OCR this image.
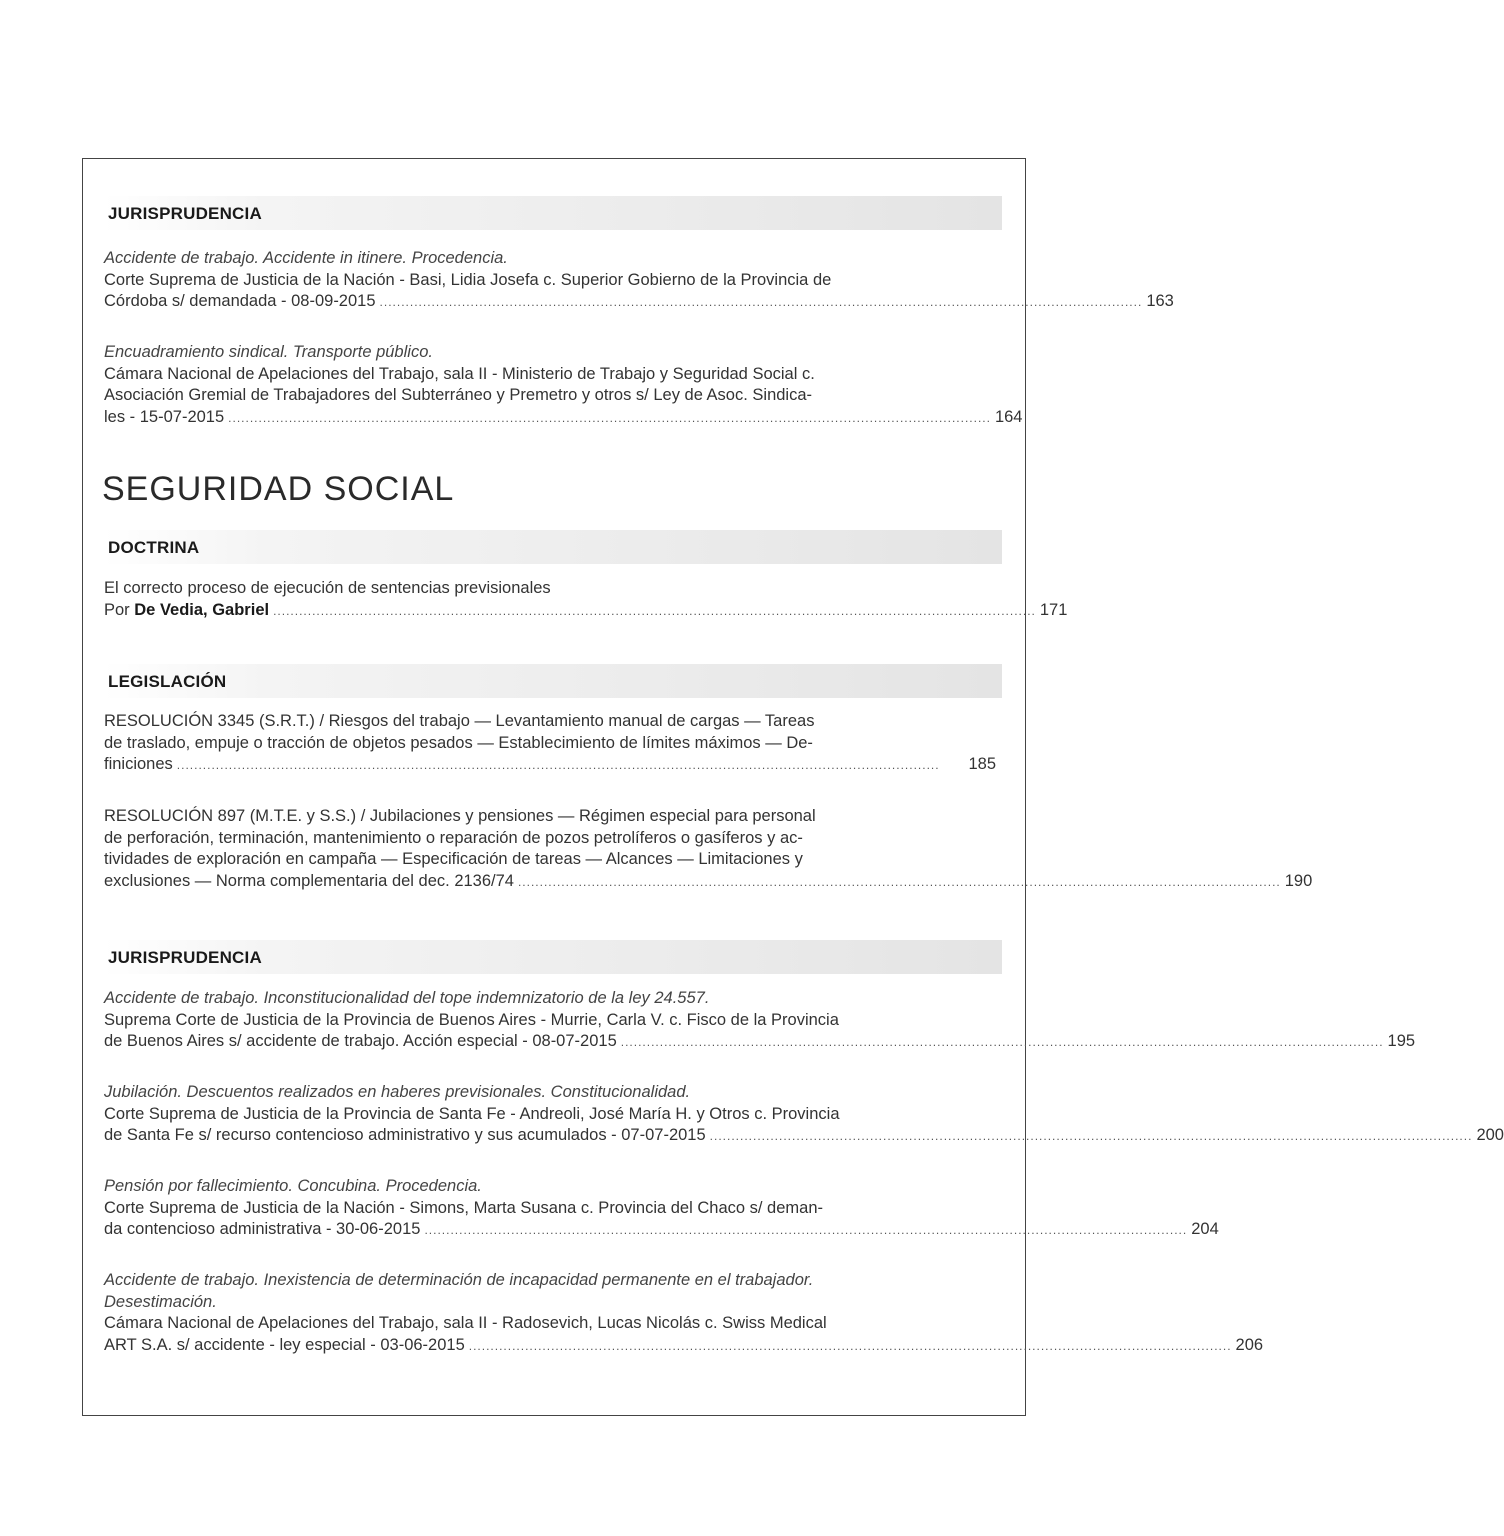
JURISPRUDENCIA
Accidente de trabajo. Accidente in itinere. Procedencia.
Corte Suprema de Justicia de la Nación - Basi, Lidia Josefa c. Superior Gobierno de la Provincia de
Córdoba s/ demandada - 08-09-2015 ................................................................................................................................................................................ 163
Encuadramiento sindical. Transporte público.
Cámara Nacional de Apelaciones del Trabajo, sala II - Ministerio de Trabajo y Seguridad Social c.
Asociación Gremial de Trabajadores del Subterráneo y Premetro y otros s/ Ley de Asoc. Sindica-
les - 15-07-2015 ................................................................................................................................................................................ 164
SEGURIDAD SOCIAL
DOCTRINA
El correcto proceso de ejecución de sentencias previsionales
Por De Vedia, Gabriel ................................................................................................................................................................................ 171
LEGISLACIÓN
RESOLUCIÓN 3345 (S.R.T.) / Riesgos del trabajo — Levantamiento manual de cargas — Tareas
de traslado, empuje o tracción de objetos pesados — Establecimiento de límites máximos — De-
finiciones ................................................................................................................................................................................	185
RESOLUCIÓN 897 (M.T.E. y S.S.) / Jubilaciones y pensiones — Régimen especial para personal
de perforación, terminación, mantenimiento o reparación de pozos petrolíferos o gasíferos y ac-
tividades de exploración en campaña — Especificación de tareas — Alcances — Limitaciones y
exclusiones — Norma complementaria del dec. 2136/74 ................................................................................................................................................................................ 190
JURISPRUDENCIA
Accidente de trabajo. Inconstitucionalidad del tope indemnizatorio de la ley 24.557.
Suprema Corte de Justicia de la Provincia de Buenos Aires - Murrie, Carla V. c. Fisco de la Provincia
de Buenos Aires s/ accidente de trabajo. Acción especial - 08-07-2015 ................................................................................................................................................................................ 195
Jubilación. Descuentos realizados en haberes previsionales. Constitucionalidad.
Corte Suprema de Justicia de la Provincia de Santa Fe - Andreoli, José María H. y Otros c. Provincia
de Santa Fe s/ recurso contencioso administrativo y sus acumulados - 07-07-2015 ................................................................................................................................................................................ 200
Pensión por fallecimiento. Concubina. Procedencia.
Corte Suprema de Justicia de la Nación - Simons, Marta Susana c. Provincia del Chaco s/ deman-
da contencioso administrativa - 30-06-2015 ................................................................................................................................................................................ 204
Accidente de trabajo. Inexistencia de determinación de incapacidad permanente en el trabajador.
Desestimación.
Cámara Nacional de Apelaciones del Trabajo, sala II - Radosevich, Lucas Nicolás c. Swiss Medical
ART S.A. s/ accidente - ley especial - 03-06-2015 ................................................................................................................................................................................ 206
